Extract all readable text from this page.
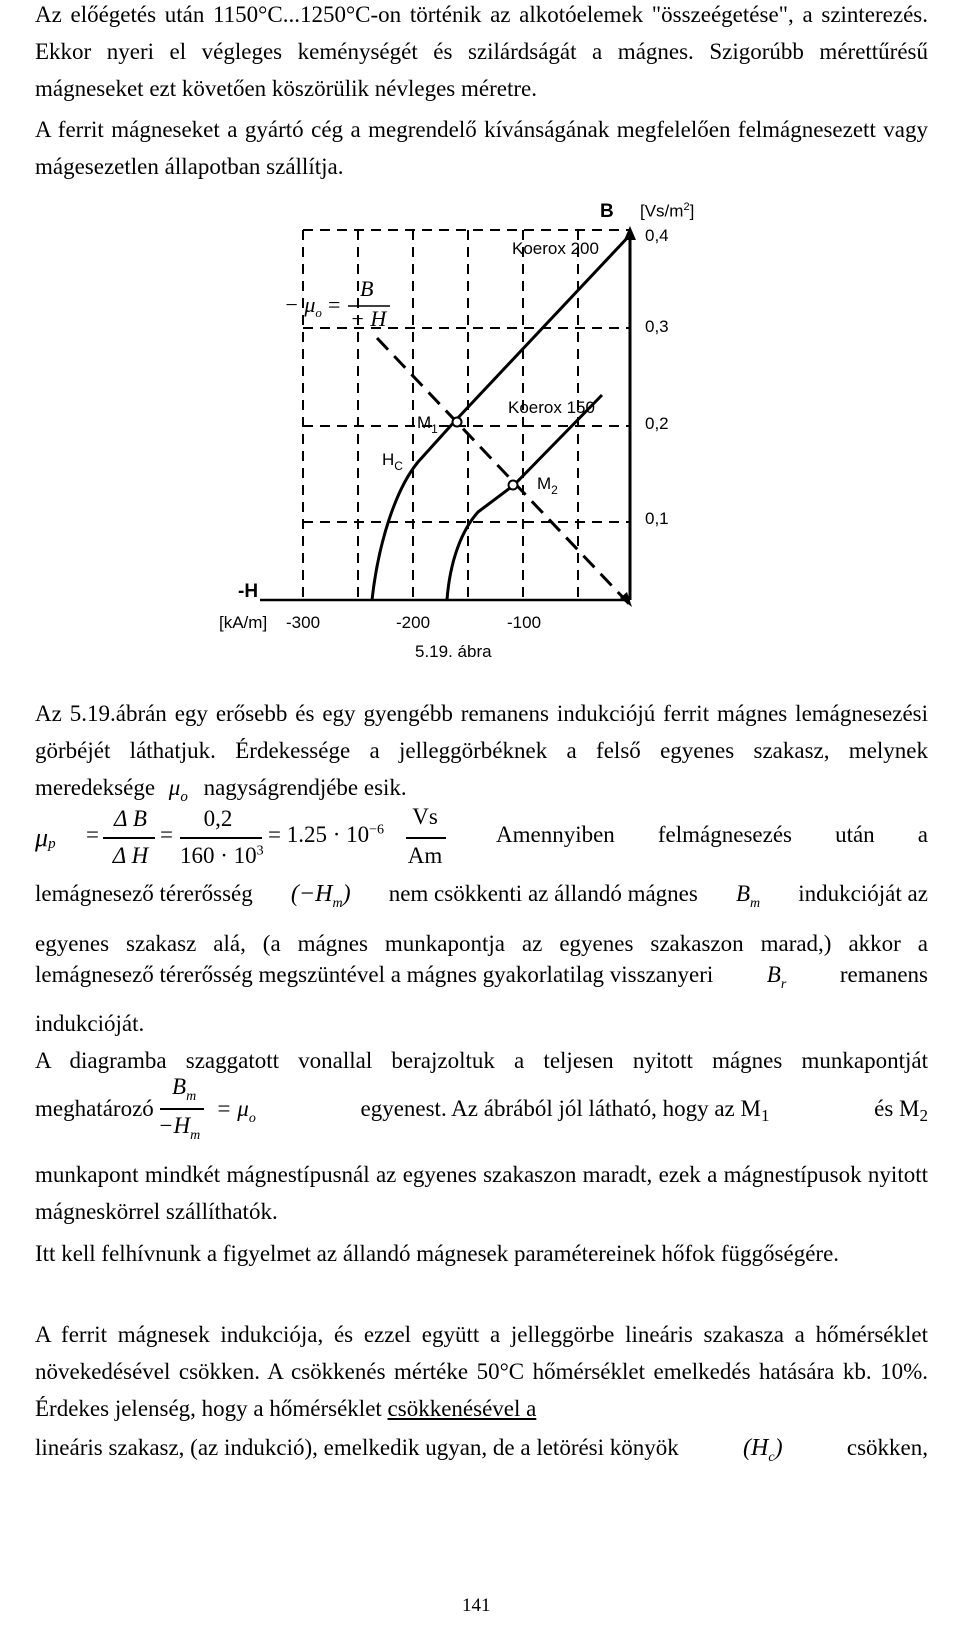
Az előégetés után 1150°C...1250°C-on történik az alkotóelemek "összeégetése", a szinterezés. Ekkor nyeri el végleges keménységét és szilárdságát a mágnes. Szigorúbb mérettűrésű mágneseket ezt követően köszörülik névleges méretre.
A ferrit mágneseket a gyártó cég a megrendelő kívánságának megfelelően felmágnesezett vagy mágesezetlen állapotban szállítja.
B $[Vs/m^2]$
0,4
0,3
0,2
0,1
Koerox 200
Koerox 150
$M_1$
$M_2$
$H_C$
-H
[kA/m] -300	-200	-100
5.19. ábra
− $\mu_o$ =
B
− H
Az 5.19.ábrán egy erősebb és egy gyengébb remanens indukciójú ferrit mágnes lemágnesezési görbéjét láthatjuk. Érdekessége a jelleggörbéknek a felső egyenes szakasz, melynek meredeksége $\mu_o$ nagyságrendjébe esik.
μp =
Δ B
Δ H
=
0,2
$160 \cdot 10^3$
= $1.25 \cdot 10^{-6}$
Vs
Am
Amennyiben felmágnesezés után a
lemágnesező térerősség $(-H_m)$ nem csökkenti az állandó mágnes $B_m$ indukcióját az
egyenes szakasz alá, (a mágnes munkapontja az egyenes szakaszon marad,) akkor a
lemágnesező térerősség megszüntével a mágnes gyakorlatilag visszanyeri $B_r$ remanens
indukcióját.
A diagramba szaggatott vonallal berajzoltuk a teljesen nyitott mágnes munkapontját
meghatározó
$B_m$
$-H_m$
= $\mu_o$	egyenest. Az ábrából jól látható, hogy az $M_1$	és $M_2$
munkapont mindkét mágnestípusnál az egyenes szakaszon maradt, ezek a mágnestípusok nyitott mágneskörrel szállíthatók.
Itt kell felhívnunk a figyelmet az állandó mágnesek paramétereinek hőfok függőségére.
A ferrit mágnesek indukciója, és ezzel együtt a jelleggörbe lineáris szakasza a hőmérséklet növekedésével csökken. A csökkenés mértéke 50°C hőmérséklet emelkedés hatására kb. 10%. Érdekes jelenség, hogy a hőmérséklet csökkenésével a
lineáris szakasz, (az indukció), emelkedik ugyan, de a letörési könyök	$(H_c)$	csökken,
141
